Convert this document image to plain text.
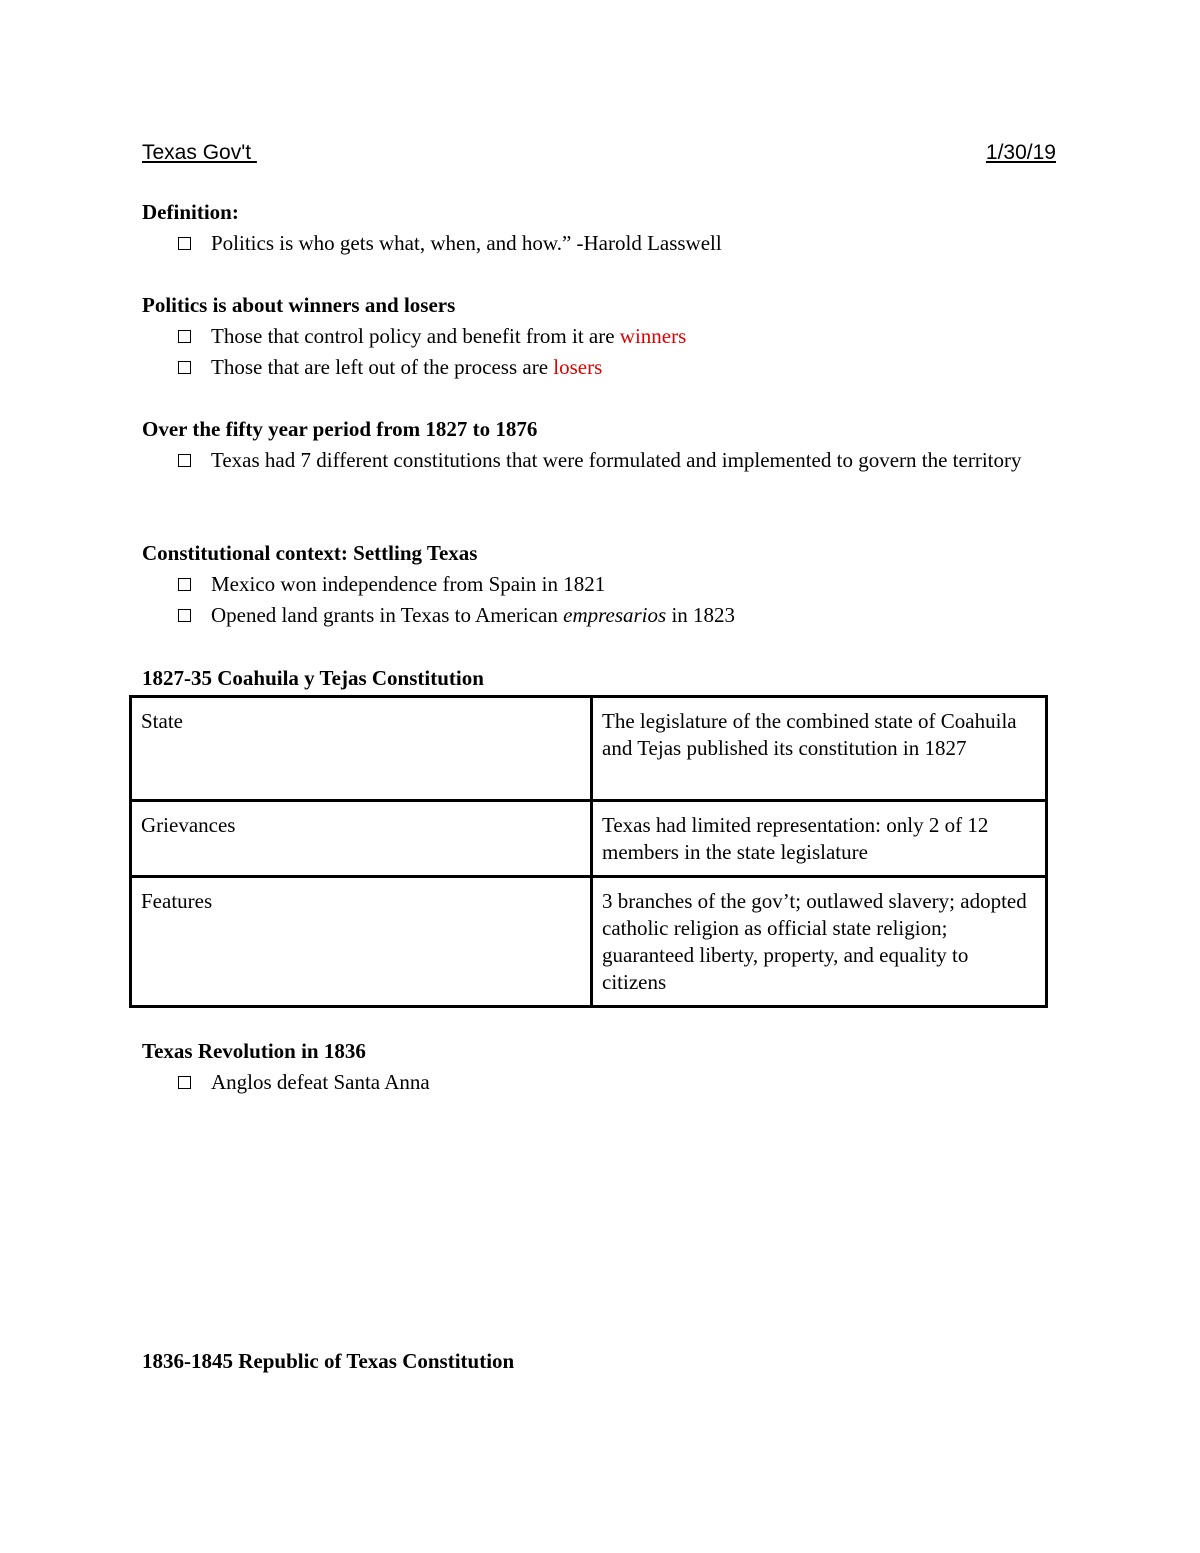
Texas Gov't	1/30/19
Definition:
Politics is who gets what, when, and how.” -Harold Lasswell
Politics is about winners and losers
Those that control policy and benefit from it are winners
Those that are left out of the process are losers
Over the fifty year period from 1827 to 1876
Texas had 7 different constitutions that were formulated and implemented to govern the territory
Constitutional context: Settling Texas
Mexico won independence from Spain in 1821
Opened land grants in Texas to American empresarios in 1823
1827-35 Coahuila y Tejas Constitution
State	The legislature of the combined state of Coahuila and Tejas published its constitution in 1827
Grievances	Texas had limited representation: only 2 of 12 members in the state legislature
Features	3 branches of the gov’t; outlawed slavery; adopted catholic religion as official state religion; guaranteed liberty, property, and equality to citizens
Texas Revolution in 1836
Anglos defeat Santa Anna
1836-1845 Republic of Texas Constitution
